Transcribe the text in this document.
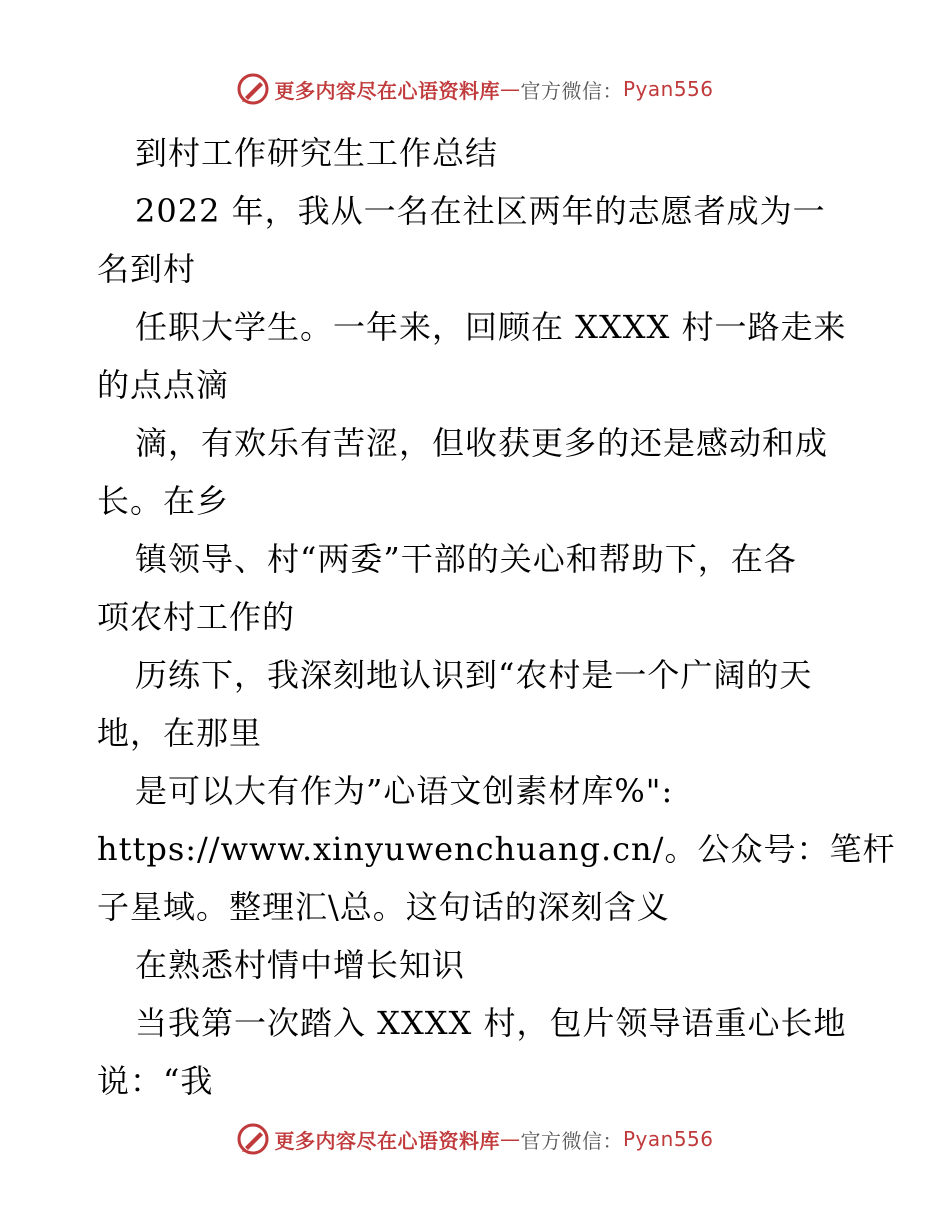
更多内容尽在心语资料库 — 官方微信： Pyan556

到村工作研究生工作总结

2022 年，我从一名在社区两年的志愿者成为一

名到村

任职大学生。一年来，回顾在 XXXX 村一路走来

的点点滴

滴，有欢乐有苦涩，但收获更多的还是感动和成

长。在乡

镇领导、村“两委”干部的关心和帮助下，在各

项农村工作的

历练下，我深刻地认识到“农村是一个广阔的天

地，在那里

是可以大有作为”心语文创素材库%":

https://www.xinyuwenchuang.cn/。公众号：笔杆

子星域。整理汇\总。这句话的深刻含义

在熟悉村情中增长知识

当我第一次踏入 XXXX 村，包片领导语重心长地

说：“我

更多内容尽在心语资料库 — 官方微信： Pyan556
